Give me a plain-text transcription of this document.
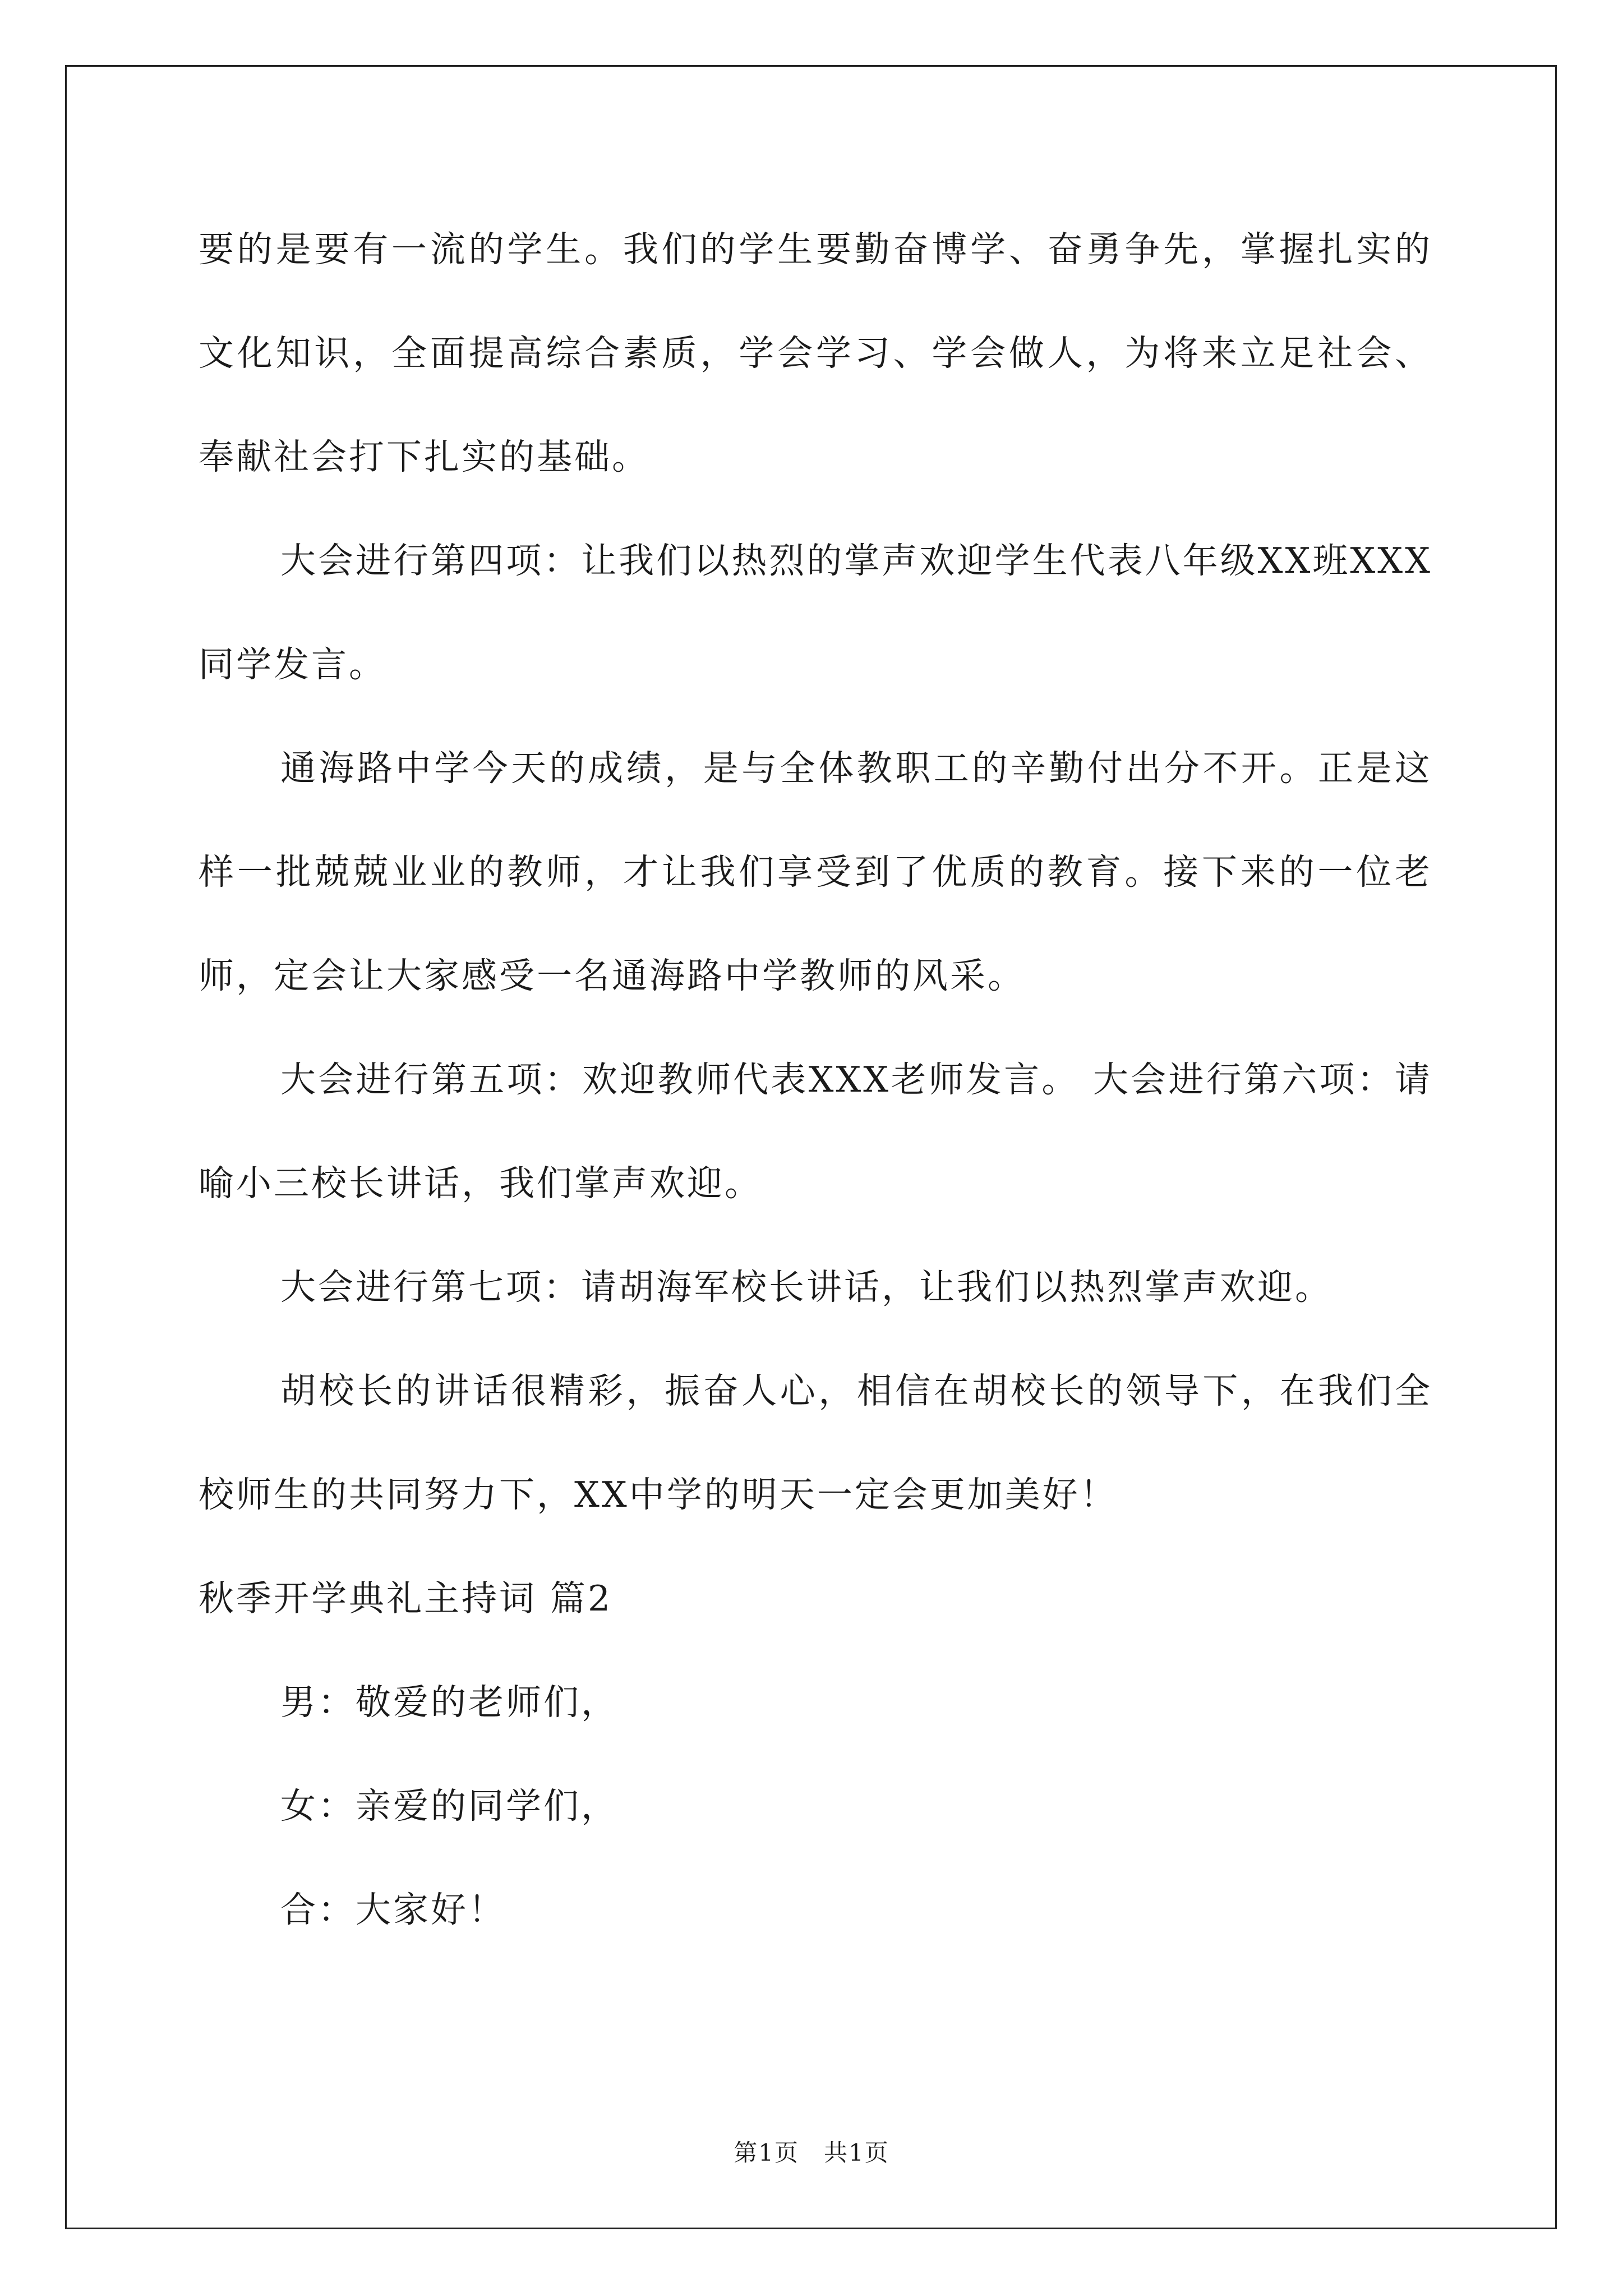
要的是要有一流的学生。我们的学生要勤奋博学、奋勇争先，掌握扎实的文化知识，全面提高综合素质，学会学习、学会做人，为将来立足社会、奉献社会打下扎实的基础。

大会进行第四项：让我们以热烈的掌声欢迎学生代表八年级XX班XXX同学发言。

通海路中学今天的成绩，是与全体教职工的辛勤付出分不开。正是这样一批兢兢业业的教师，才让我们享受到了优质的教育。接下来的一位老师，定会让大家感受一名通海路中学教师的风采。

大会进行第五项：欢迎教师代表XXX老师发言。 大会进行第六项：请喻小三校长讲话，我们掌声欢迎。

大会进行第七项：请胡海军校长讲话，让我们以热烈掌声欢迎。

胡校长的讲话很精彩，振奋人心，相信在胡校长的领导下，在我们全校师生的共同努力下，XX中学的明天一定会更加美好！

秋季开学典礼主持词 篇2

男：敬爱的老师们，

女：亲爱的同学们，

合：大家好！

第1页　共1页
